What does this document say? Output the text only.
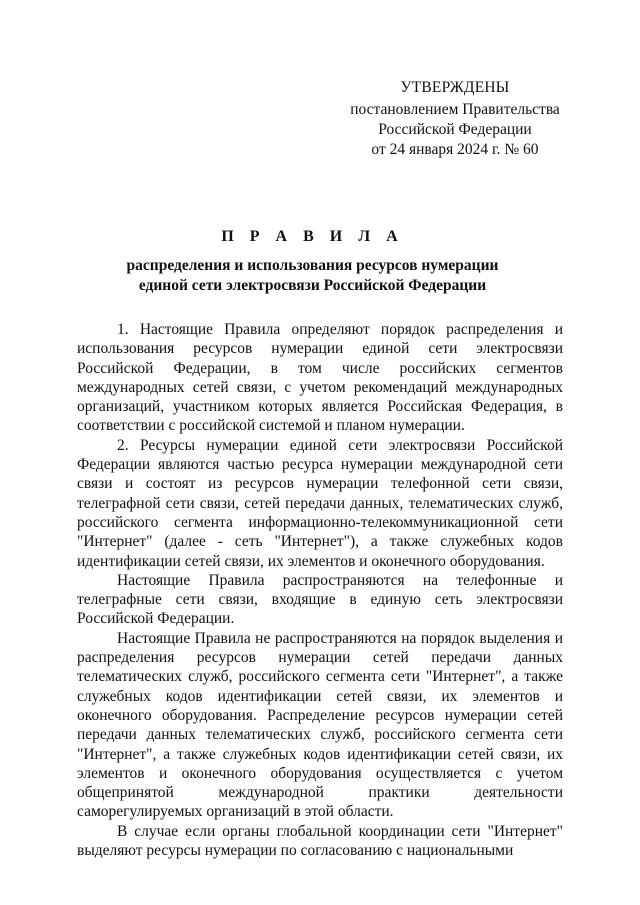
УТВЕРЖДЕНЫ
постановлением Правительства
Российской Федерации
от 24 января 2024 г. № 60
П Р А В И Л А
распределения и использования ресурсов нумерации
единой сети электросвязи Российской Федерации

1. Настоящие Правила определяют порядок распределения и использования ресурсов нумерации единой сети электросвязи Российской Федерации, в том числе российских сегментов международных сетей связи, с учетом рекомендаций международных организаций, участником которых является Российская Федерация, в соответствии с российской системой и планом нумерации.

2. Ресурсы нумерации единой сети электросвязи Российской Федерации являются частью ресурса нумерации международной сети связи и состоят из ресурсов нумерации телефонной сети связи, телеграфной сети связи, сетей передачи данных, телематических служб, российского сегмента информационно-телекоммуникационной сети "Интернет" (далее - сеть "Интернет"), а также служебных кодов идентификации сетей связи, их элементов и оконечного оборудования.

Настоящие Правила распространяются на телефонные и телеграфные сети связи, входящие в единую сеть электросвязи Российской Федерации.

Настоящие Правила не распространяются на порядок выделения и распределения ресурсов нумерации сетей передачи данных телематических служб, российского сегмента сети "Интернет", а также служебных кодов идентификации сетей связи, их элементов и оконечного оборудования. Распределение ресурсов нумерации сетей передачи данных телематических служб, российского сегмента сети "Интернет", а также служебных кодов идентификации сетей связи, их элементов и оконечного оборудования осуществляется с учетом общепринятой международной практики деятельности саморегулируемых организаций в этой области.

В случае если органы глобальной координации сети "Интернет" выделяют ресурсы нумерации по согласованию с национальными
